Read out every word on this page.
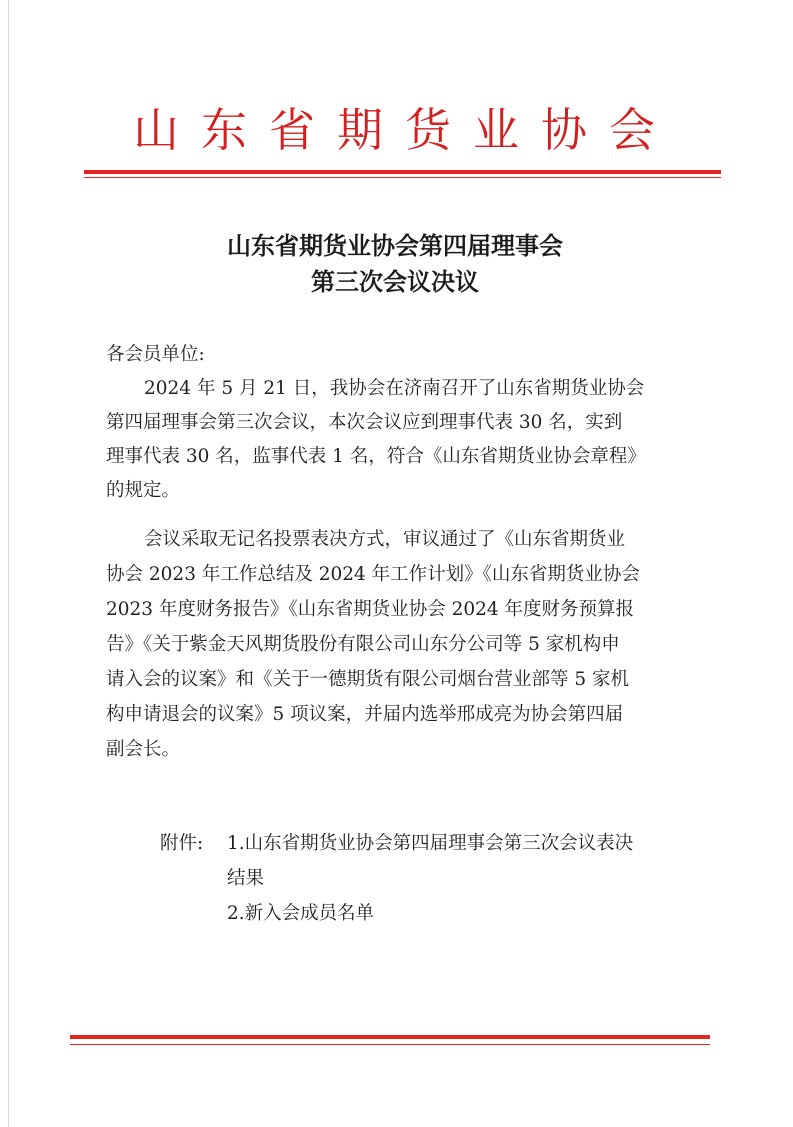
山东省期货业协会
山东省期货业协会第四届理事会
第三次会议决议
各会员单位:
2024 年 5 月 21 日，我协会在济南召开了山东省期货业协会
第四届理事会第三次会议，本次会议应到理事代表 30 名，实到
理事代表 30 名，监事代表 1 名，符合《山东省期货业协会章程》
的规定。
会议采取无记名投票表决方式，审议通过了《山东省期货业
协会 2023 年工作总结及 2024 年工作计划》《山东省期货业协会
2023 年度财务报告》《山东省期货业协会 2024 年度财务预算报
告》《关于紫金天风期货股份有限公司山东分公司等 5 家机构申
请入会的议案》和《关于一德期货有限公司烟台营业部等 5 家机
构申请退会的议案》5 项议案，并届内选举邢成亮为协会第四届
副会长。
附件:	1.山东省期货业协会第四届理事会第三次会议表决
结果
2.新入会成员名单
